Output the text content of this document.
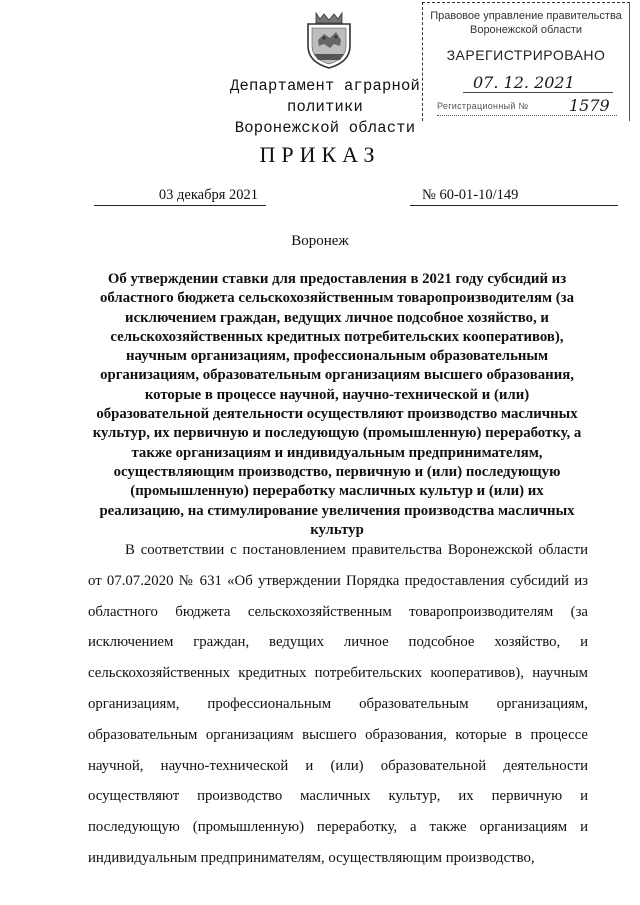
Департамент аграрной политики
Воронежской области
Правовое управление правительства
Воронежской области
ЗАРЕГИСТРИРОВАНО
07. 12. 2021
Регистрационный №	1579
ПРИКАЗ
03 декабря 2021	№ 60-01-10/149
Воронеж
Об утверждении ставки для предоставления в 2021 году субсидий из областного бюджета сельскохозяйственным товаропроизводителям (за исключением граждан, ведущих личное подсобное хозяйство, и сельскохозяйственных кредитных потребительских кооперативов), научным организациям, профессиональным образовательным организациям, образовательным организациям высшего образования, которые в процессе научной, научно-технической и (или) образовательной деятельности осуществляют производство масличных культур, их первичную и последующую (промышленную) переработку, а также организациям и индивидуальным предпринимателям, осуществляющим производство, первичную и (или) последующую (промышленную) переработку масличных культур и (или) их реализацию, на стимулирование увеличения производства масличных культур

В соответствии с постановлением правительства Воронежской области от 07.07.2020 № 631 «Об утверждении Порядка предоставления субсидий из областного бюджета сельскохозяйственным товаропроизводителям (за исключением граждан, ведущих личное подсобное хозяйство, и сельскохозяйственных кредитных потребительских кооперативов), научным организациям, профессиональным образовательным организациям, образовательным организациям высшего образования, которые в процессе научной, научно-технической и (или) образовательной деятельности осуществляют производство масличных культур, их первичную и последующую (промышленную) переработку, а также организациям и индивидуальным предпринимателям, осуществляющим производство,
